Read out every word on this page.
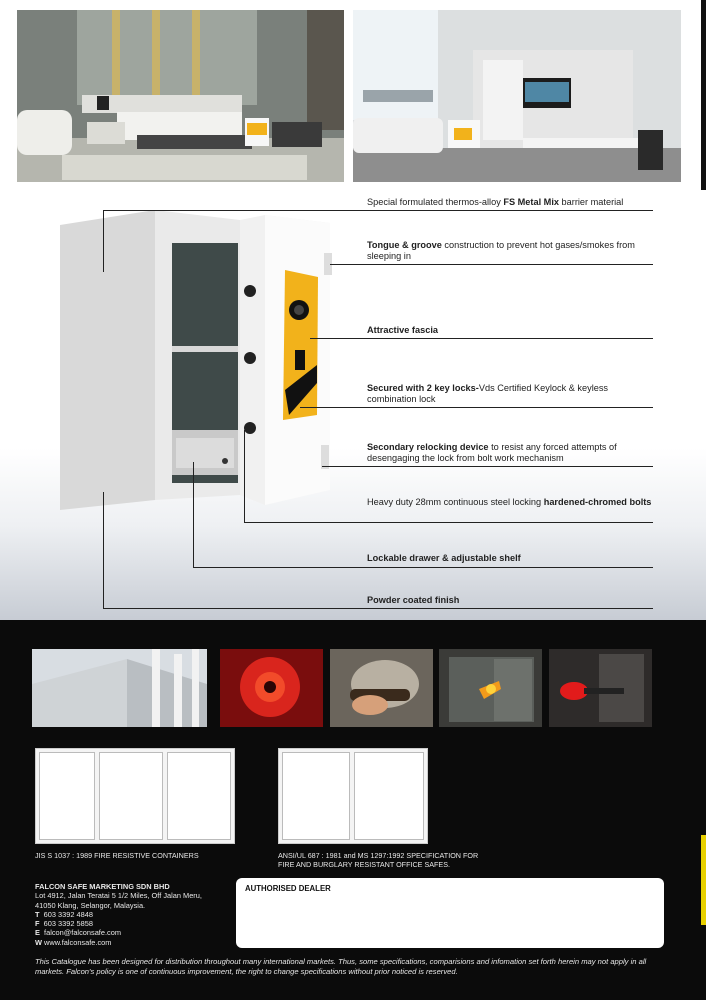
Special formulated thermos-alloy FS Metal Mix barrier material
Tongue & groove construction to prevent hot gases/smokes from sleeping in
Attractive fascia
Secured with 2 key locks-Vds Certified Keylock & keyless combination lock
Secondary relocking device to resist any forced attempts of desengaging the lock from bolt work mechanism
Heavy duty 28mm continuous steel locking hardened-chromed bolts
Lockable drawer & adjustable shelf
Powder coated finish
JIS S 1037 : 1989 FIRE RESISTIVE CONTAINERS	ANSI/UL 687 : 1981 and MS 1297:1992 SPECIFICATION FOR
FIRE AND BURGLARY RESISTANT OFFICE SAFES.
FALCON SAFE MARKETING SDN BHD
Lot 4912, Jalan Teratai 5 1/2 Miles, Off Jalan Meru,
41050 Klang, Selangor, Malaysia.
T 603 3392 4848
F 603 3392 5858
E falcon@falconsafe.com
W www.falconsafe.com
AUTHORISED DEALER
This Catalogue has been designed for distribution throughout many international markets. Thus, some specifications, comparisions and infomation set forth herein may not apply in all markets. Falcon's policy is one of continuous improvement, the right to change specifications without prior noticed is reserved.
